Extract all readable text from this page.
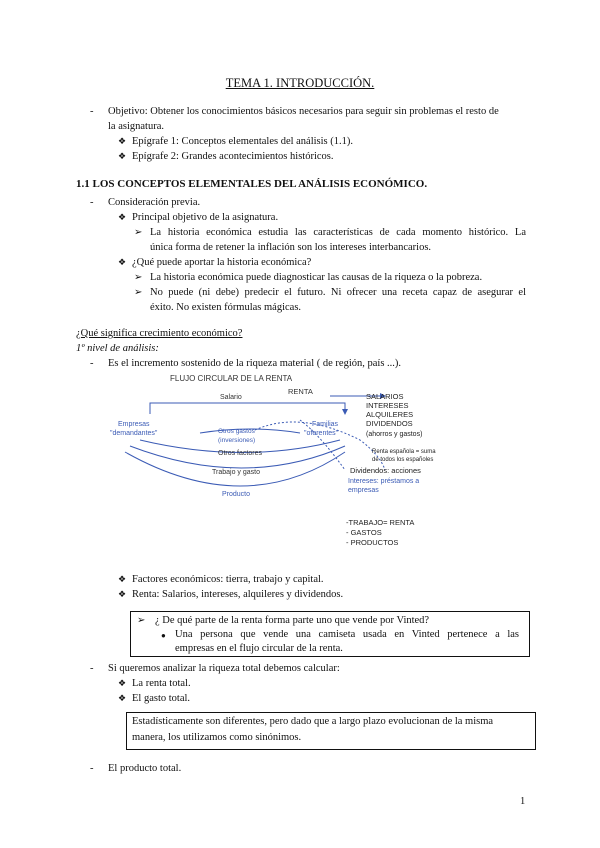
TEMA 1. INTRODUCCIÓN.
- Objetivo: Obtener los conocimientos básicos necesarios para seguir sin problemas el resto de
la asignatura.
❖
Epígrafe 1: Conceptos elementales del análisis (1.1).
❖
Epígrafe 2: Grandes acontecimientos históricos.
1.1 LOS CONCEPTOS ELEMENTALES DEL ANÁLISIS ECONÓMICO.
- Consideración previa.
❖
Principal objetivo de la asignatura.
➢
La historia económica estudia las características de cada momento histórico. La
única forma de retener la inflación son los intereses interbancarios.
❖
¿Qué puede aportar la historia económica?
➢
La historia económica puede diagnosticar las causas de la riqueza o la pobreza.
➢
No puede (ni debe) predecir el futuro. Ni ofrecer una receta capaz de asegurar el
éxito. No existen fórmulas mágicas.
¿Qué significa crecimiento económico?
1º nivel de análisis:
- Es el incremento sostenido de la riqueza material ( de región, país ...).
FLUJO CIRCULAR DE LA RENTA
Salario
RENTA
Empresas
"demandantes"
Familias
"oferentes"
Otros gastos
(inversiones)
Otros factores
Trabajo y gasto
Producto
SALARIOS
INTERESES
ALQUILERES
DIVIDENDOS
(ahorros y gastos)
Renta española = suma
de todos los españoles
Dividendos: acciones
Intereses: préstamos a
empresas
-TRABAJO= RENTA
- GASTOS
- PRODUCTOS
❖
Factores económicos: tierra, trabajo y capital.
❖
Renta: Salarios, intereses, alquileres y dividendos.
➢
¿ De qué parte de la renta forma parte uno que vende por Vinted?
●
Una persona que vende una camiseta usada en Vinted pertenece a las
empresas en el flujo circular de la renta.
- Si queremos analizar la riqueza total debemos calcular:
❖
La renta total.
❖
El gasto total.
Estadísticamente son diferentes, pero dado que a largo plazo evolucionan de la misma
manera, los utilizamos como sinónimos.
- El producto total.
1
